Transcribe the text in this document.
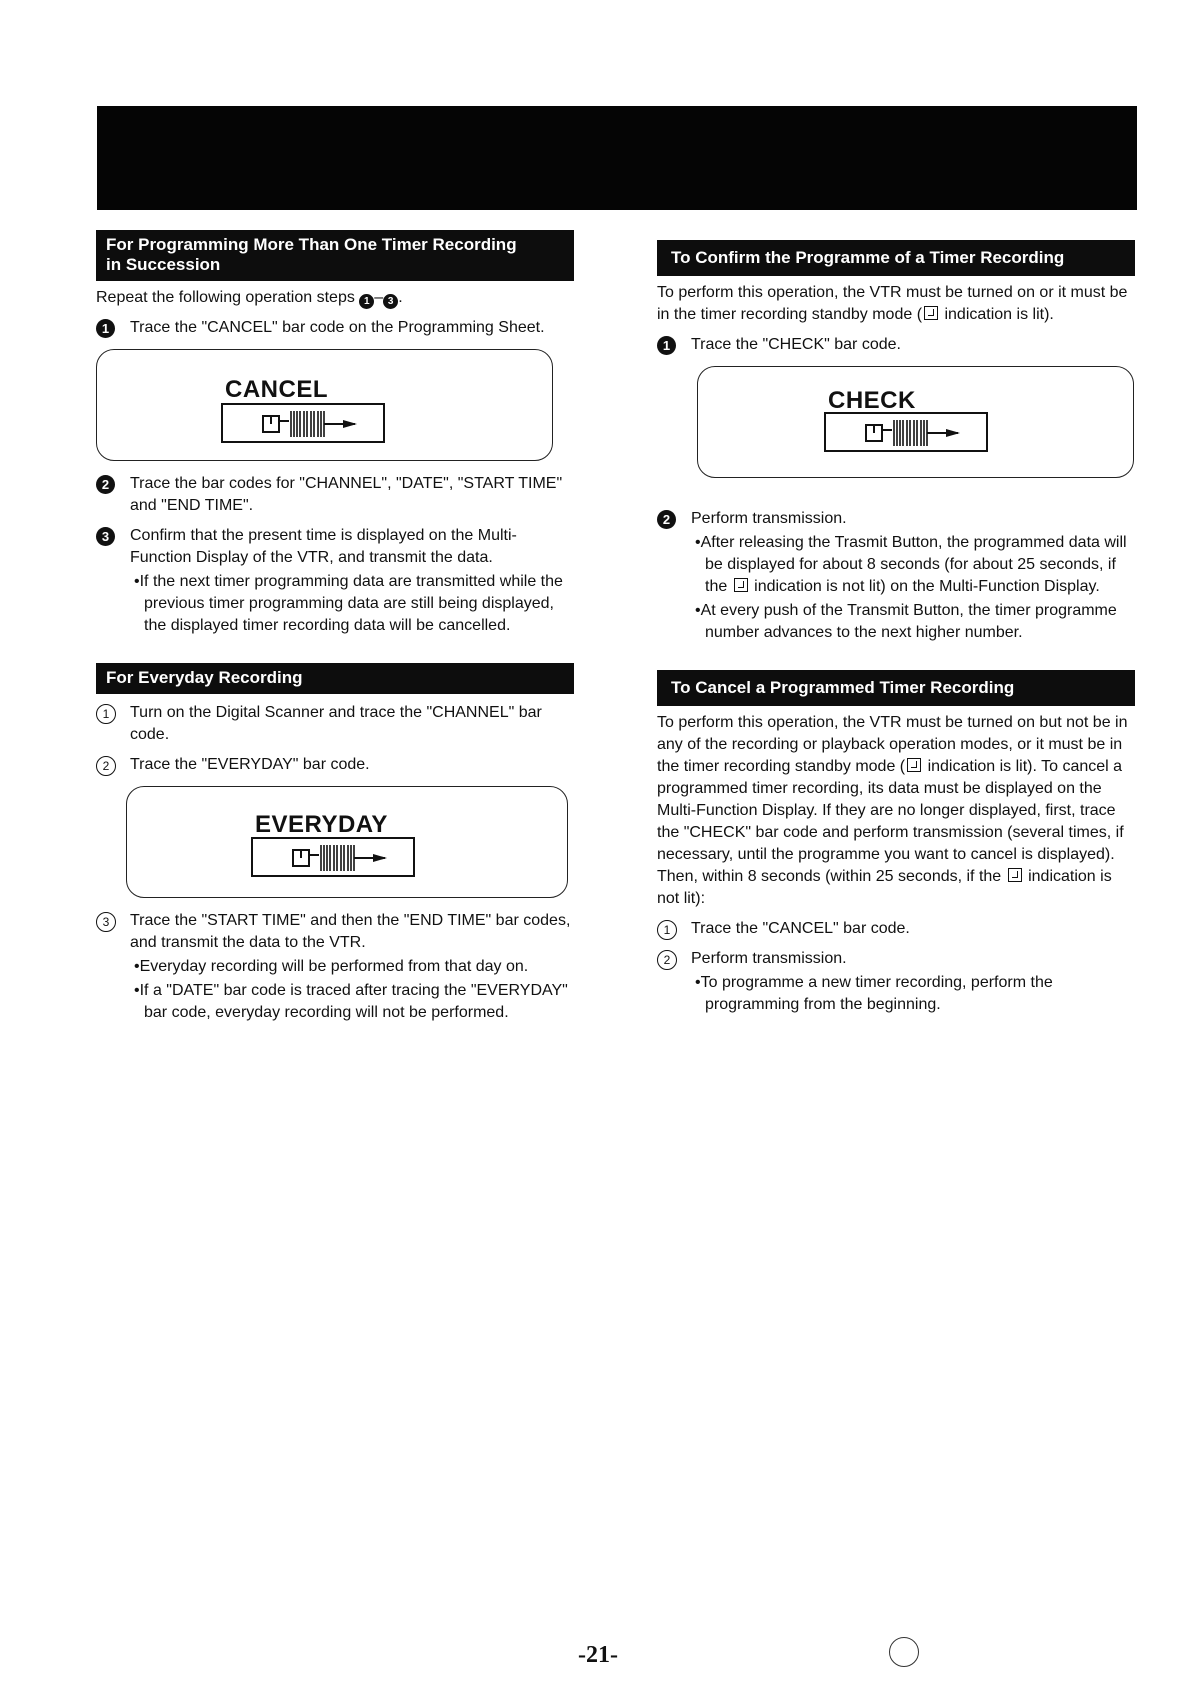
For Programming More Than One Timer Recording
in Succession

Repeat the following operation steps 1 – 3 .

1	Trace the "CANCEL" bar code on the Programming Sheet.
CANCEL
2	Trace the bar codes for "CHANNEL", "DATE", "START TIME" and "END TIME".
3	Confirm that the present time is displayed on the Multi-Function Display of the VTR, and transmit the data.
•If the next timer programming data are transmitted while the previous timer programming data are still being displayed, the displayed timer recording data will be cancelled.
For Everyday Recording
1	Turn on the Digital Scanner and trace the "CHANNEL" bar code.
2	Trace the "EVERYDAY" bar code.
EVERYDAY
3	Trace the "START TIME" and then the "END TIME" bar codes, and transmit the data to the VTR.
•Everyday recording will be performed from that day on.
•If a "DATE" bar code is traced after tracing the "EVERYDAY" bar code, everyday recording will not be performed.
To Confirm the Programme of a Timer Recording

To perform this operation, the VTR must be turned on or it must be in the timer recording standby mode ( indication is lit).

1	Trace the "CHECK" bar code.
CHECK
2	Perform transmission.
•After releasing the Trasmit Button, the programmed data will be displayed for about 8 seconds (for about 25 seconds, if the  indication is not lit) on the Multi-Function Display.
•At every push of the Transmit Button, the timer programme number advances to the next higher number.
To Cancel a Programmed Timer Recording

To perform this operation, the VTR must be turned on but not be in any of the recording or playback operation modes, or it must be in the timer recording standby mode ( indication is lit). To cancel a programmed timer recording, its data must be displayed on the Multi-Function Display. If they are no longer displayed, first, trace the "CHECK" bar code and perform transmission (several times, if necessary, until the programme you want to cancel is displayed). Then, within 8 seconds (within 25 seconds, if the  indication is not lit):

1	Trace the "CANCEL" bar code.
2	Perform transmission.
•To programme a new timer recording, perform the programming from the beginning.
-21-
